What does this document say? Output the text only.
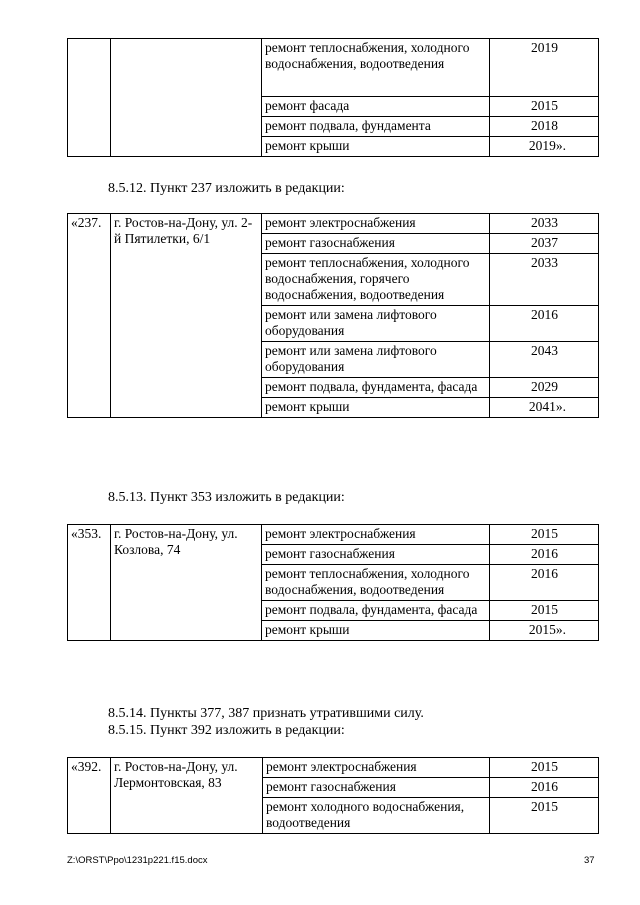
		ремонт теплоснабжения, холодного водоснабжения, водоотведения	2019
		ремонт фасада	2015
		ремонт подвала, фундамента	2018
		ремонт крыши	2019».
8.5.12. Пункт 237 изложить в редакции:
«237.	г. Ростов-на-Дону, ул. 2-й Пятилетки, 6/1	ремонт электроснабжения	2033
		ремонт газоснабжения	2037
		ремонт теплоснабжения, холодного водоснабжения, горячего водоснабжения, водоотведения	2033
		ремонт или замена лифтового оборудования	2016
		ремонт или замена лифтового оборудования	2043
		ремонт подвала, фундамента, фасада	2029
		ремонт крыши	2041».
8.5.13. Пункт 353 изложить в редакции:
«353.	г. Ростов-на-Дону, ул. Козлова, 74	ремонт электроснабжения	2015
		ремонт газоснабжения	2016
		ремонт теплоснабжения, холодного водоснабжения, водоотведения	2016
		ремонт подвала, фундамента, фасада	2015
		ремонт крыши	2015».
8.5.14. Пункты 377, 387 признать утратившими силу.
8.5.15. Пункт 392 изложить в редакции:
«392.	г. Ростов-на-Дону, ул. Лермонтовская, 83	ремонт электроснабжения	2015
		ремонт газоснабжения	2016
		ремонт холодного водоснабжения, водоотведения	2015
Z:\ORST\Ppo\1231p221.f15.docx	37
